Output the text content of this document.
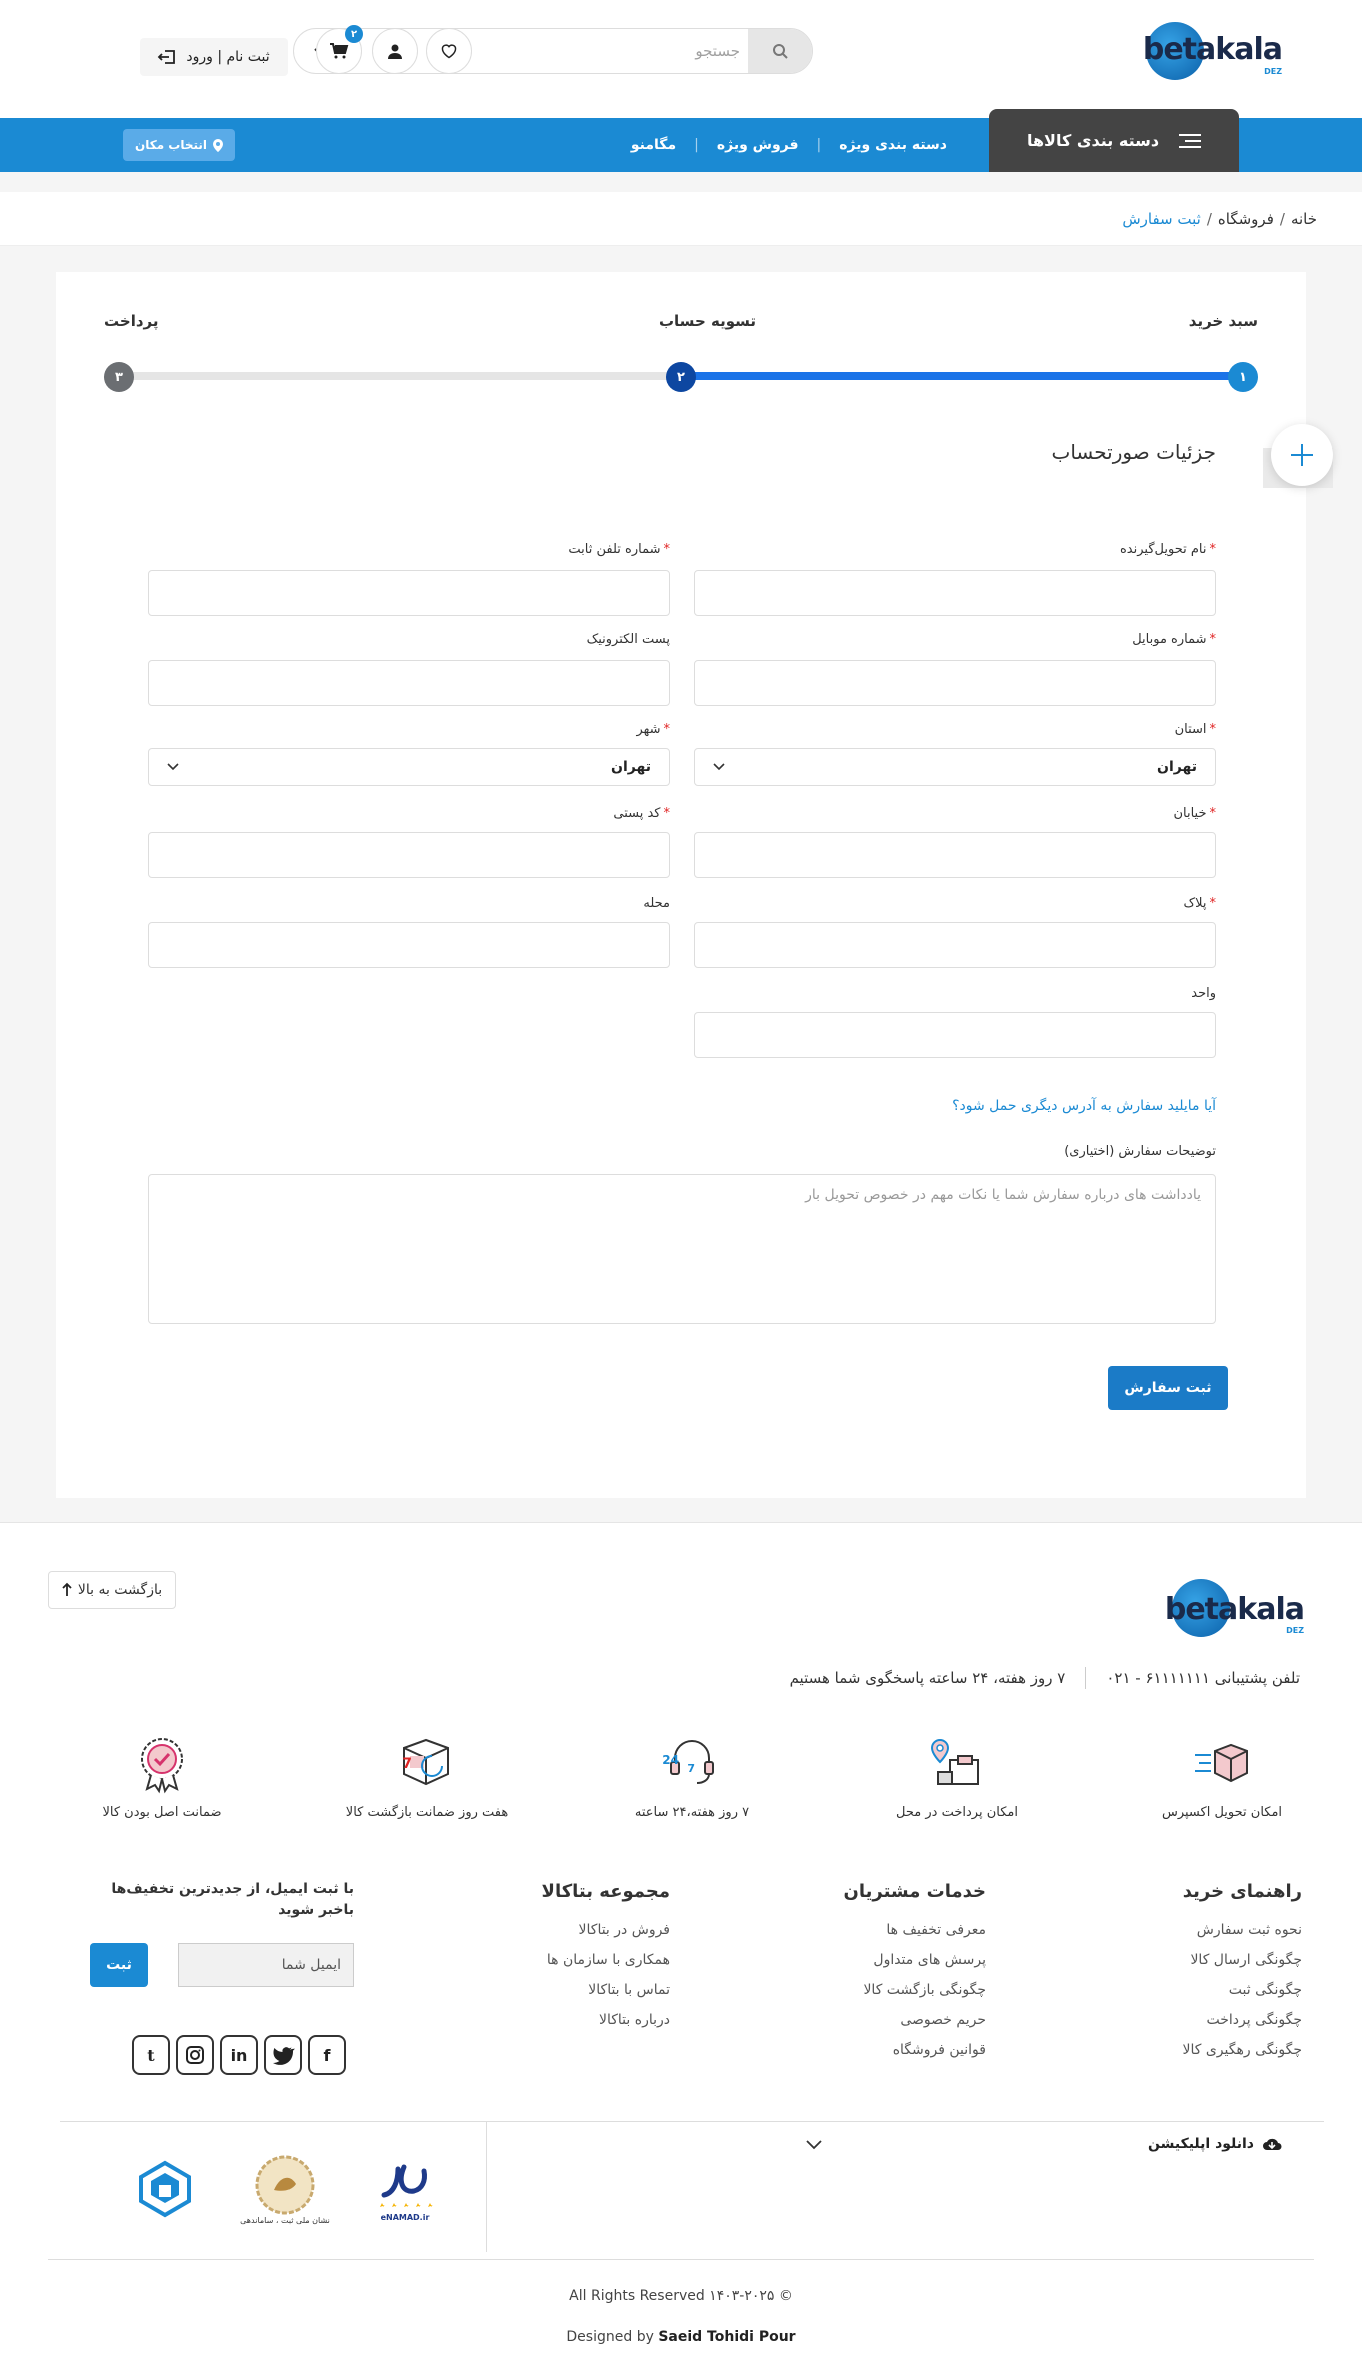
betakala
DEZ
جستجو
۲
ثبت نام | ورود
دسته بندی کالاها
دسته بندی ویژه
|
فروش ویژه
|
مگامنو
انتخاب مکان
خانه
/
فروشگاه
/
ثبت سفارش
سبد خرید
تسویه حساب
پرداخت
۱
۲
۳
جزئیات صورتحساب
*نام تحویل‌گیرنده
*شماره تلفن ثابت
*شماره موبایل
پست الکترونیک
*استان
تهران
*شهر
تهران
*خیابان
*کد پستی
*پلاک
محله
واحد
آیا مایلید سفارش به آدرس دیگری حمل شود؟
توضیحات سفارش (اختیاری)
یادداشت های درباره سفارش شما یا نکات مهم در خصوص تحویل بار
ثبت سفارش
بازگشت به بالا
betakala
DEZ
تلفن پشتیبانی ۶۱۱۱۱۱۱۱ - ۰۲۱
۷ روز هفته، ۲۴ ساعته پاسخگوی شما هستیم
امکان تحویل اکسپرس
امکان پرداخت در محل
24
7
۷ روز هفته،۲۴ ساعته
7
هفت روز ضمانت بازگشت کالا
ضمانت اصل بودن کالا
راهنمای خرید
نحوه ثبت سفارش
چگونگی ارسال کالا
چگونگی ثبت
چگونگی پرداخت
چگونگی رهگیری کالا
خدمات مشتریان
معرفی تخفیف ها
پرسش های متداول
چگونگی بازگشت کالا
حریم خصوصی
قوانین فروشگاه
مجموعه بتاکالا
فروش در بتاکالا
همکاری با سازمان ها
تماس با بتاکالا
درباره بتاکالا

با ثبت ایمیل، از جدیدترین تخفیف‌ها باخبر شوید

ایمیل شما
ثبت
t	in	f
دانلود اپلیکیشن
نشان ملی ثبت ، ساماندهی	eNAMAD.ir
All Rights Reserved ۱۴۰۳-۲۰۲۵ ©
Designed by Saeid Tohidi Pour
